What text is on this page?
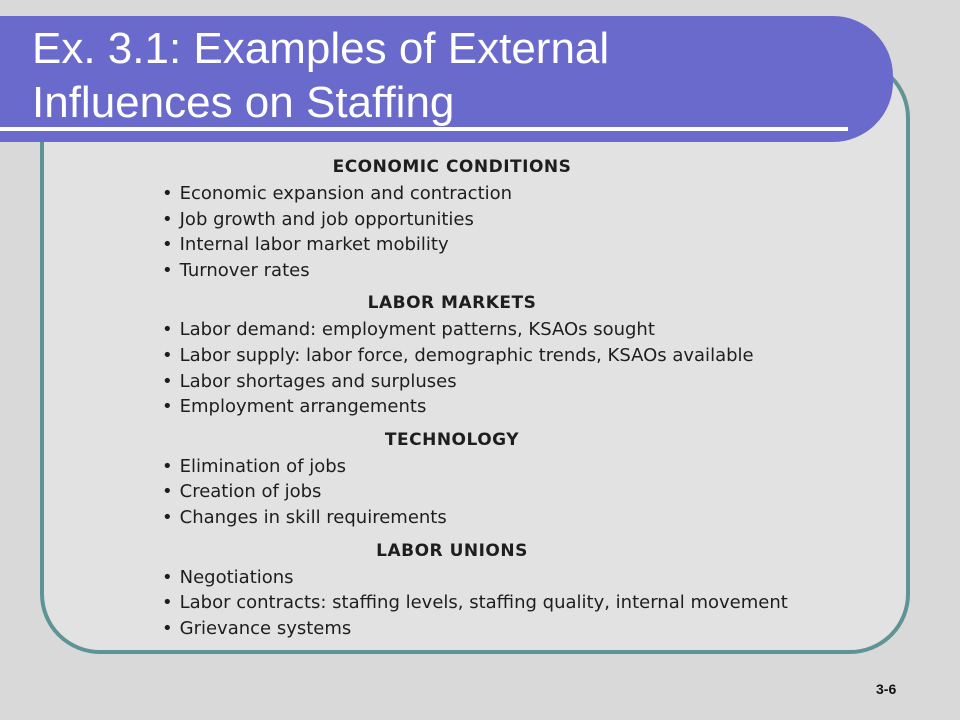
Ex. 3.1: Examples of External
Influences on Staffing
ECONOMIC CONDITIONS
• Economic expansion and contraction
• Job growth and job opportunities
• Internal labor market mobility
• Turnover rates
LABOR MARKETS
• Labor demand: employment patterns, KSAOs sought
• Labor supply: labor force, demographic trends, KSAOs available
• Labor shortages and surpluses
• Employment arrangements
TECHNOLOGY
• Elimination of jobs
• Creation of jobs
• Changes in skill requirements
LABOR UNIONS
• Negotiations
• Labor contracts: staffing levels, staffing quality, internal movement
• Grievance systems
3-6
